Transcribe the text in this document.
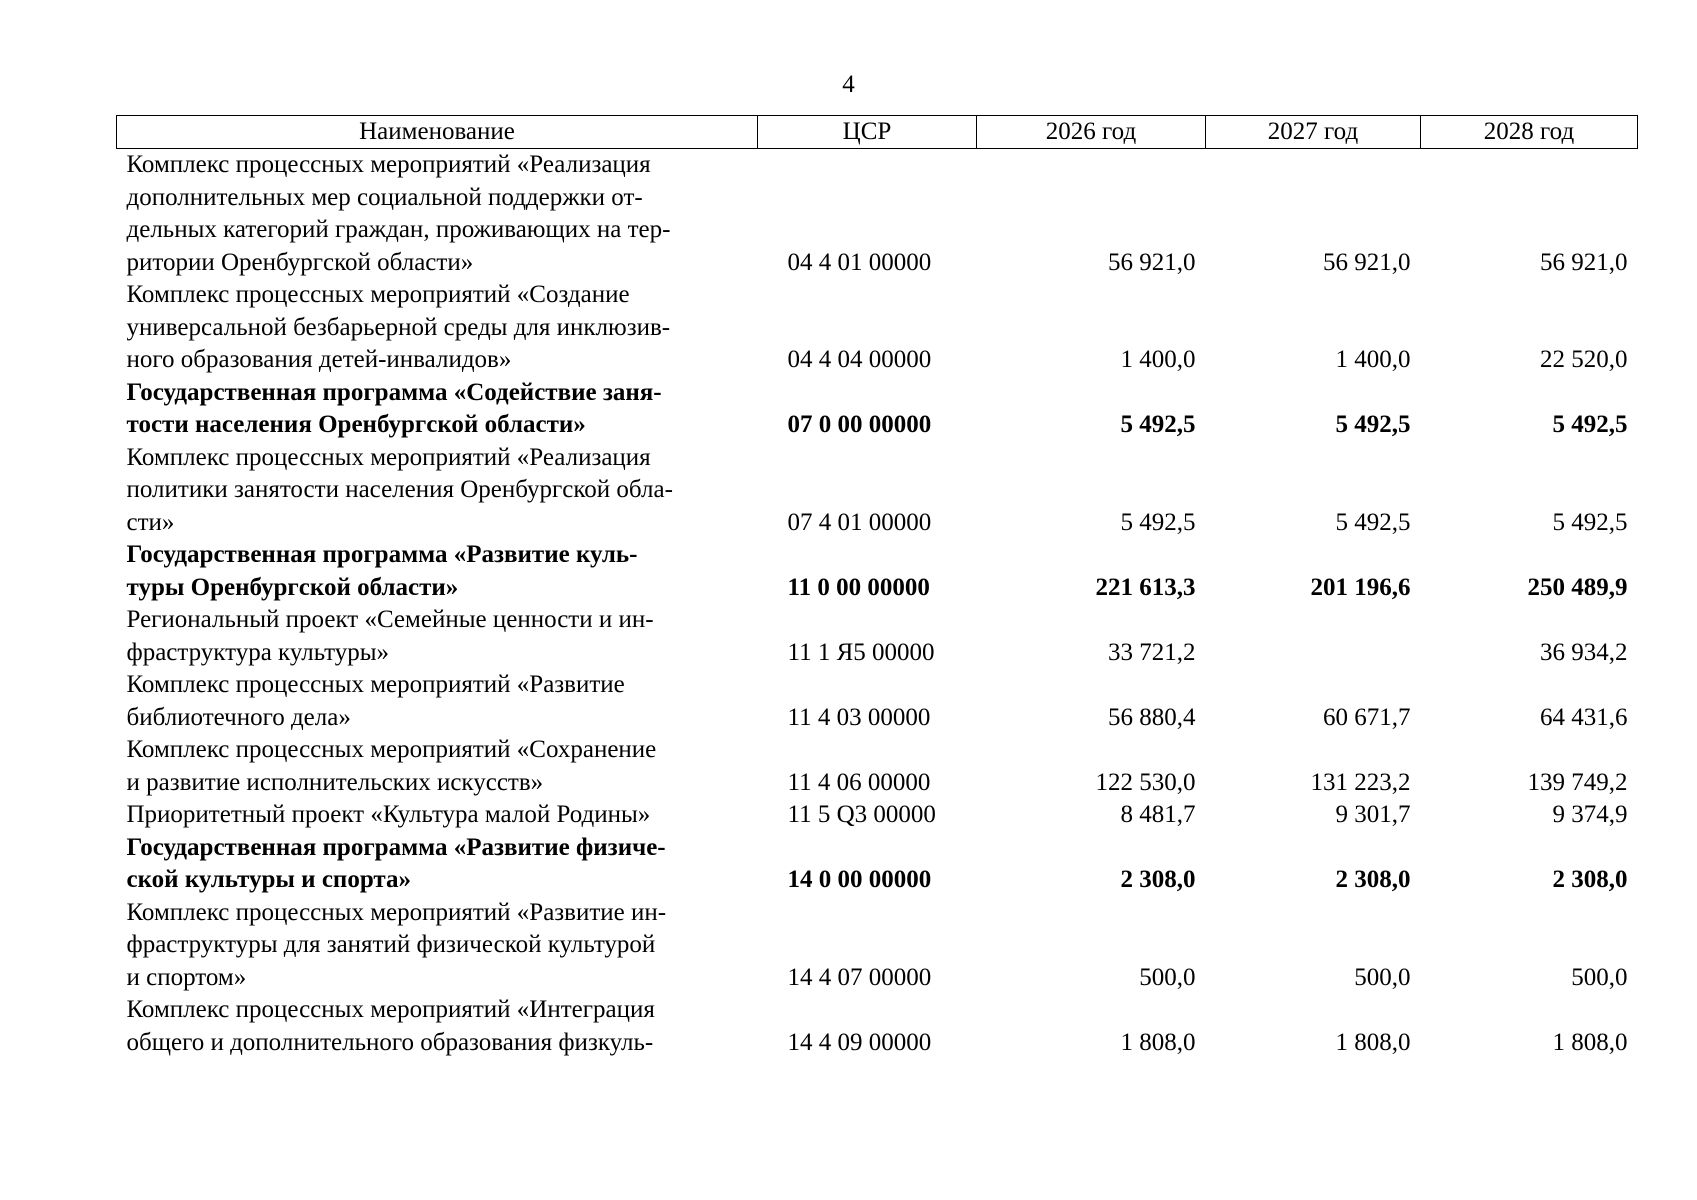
4
Наименование	ЦСР	2026 год	2027 год	2028 год

Комплекс процессных мероприятий «Реализация
дополнительных мер социальной поддержки от-
дельных категорий граждан, проживающих на тер-
ритории Оренбургской области»	04 4 01 00000	56 921,0	56 921,0	56 921,0

Комплекс процессных мероприятий «Создание
универсальной безбарьерной среды для инклюзив-
ного образования детей-инвалидов»	04 4 04 00000	1 400,0	1 400,0	22 520,0

Государственная программа «Содействие заня-
тости населения Оренбургской области»	07 0 00 00000	5 492,5	5 492,5	5 492,5

Комплекс процессных мероприятий «Реализация
политики занятости населения Оренбургской обла-
сти»	07 4 01 00000	5 492,5	5 492,5	5 492,5

Государственная программа «Развитие куль-
туры Оренбургской области»	11 0 00 00000	221 613,3	201 196,6	250 489,9

Региональный проект «Семейные ценности и ин-
фраструктура культуры»	11 1 Я5 00000	33 721,2		36 934,2

Комплекс процессных мероприятий «Развитие
библиотечного дела»	11 4 03 00000	56 880,4	60 671,7	64 431,6

Комплекс процессных мероприятий «Сохранение
и развитие исполнительских искусств»	11 4 06 00000	122 530,0	131 223,2	139 749,2

Приоритетный проект «Культура малой Родины»	11 5 Q3 00000	8 481,7	9 301,7	9 374,9

Государственная программа «Развитие физиче-
ской культуры и спорта»	14 0 00 00000	2 308,0	2 308,0	2 308,0

Комплекс процессных мероприятий «Развитие ин-
фраструктуры для занятий физической культурой
и спортом»	14 4 07 00000	500,0	500,0	500,0

Комплекс процессных мероприятий «Интеграция
общего и дополнительного образования физкуль-	14 4 09 00000	1 808,0	1 808,0	1 808,0
